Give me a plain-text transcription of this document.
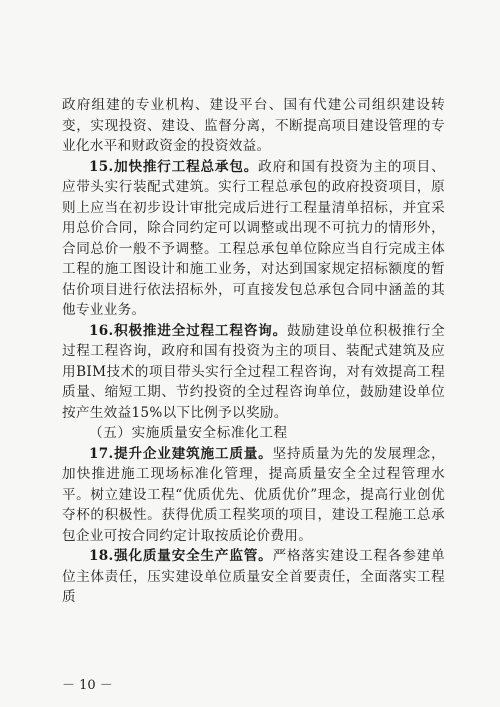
政府组建的专业机构、建设平台、国有代建公司组织建设转变，实现投资、建设、监督分离，不断提高项目建设管理的专业化水平和财政资金的投资效益。

15.加快推行工程总承包。政府和国有投资为主的项目、应带头实行装配式建筑。实行工程总承包的政府投资项目，原则上应当在初步设计审批完成后进行工程量清单招标，并宜采用总价合同，除合同约定可以调整或出现不可抗力的情形外，合同总价一般不予调整。工程总承包单位除应当自行完成主体工程的施工图设计和施工业务，对达到国家规定招标额度的暂估价项目进行依法招标外，可直接发包总承包合同中涵盖的其他专业业务。

16.积极推进全过程工程咨询。鼓励建设单位积极推行全过程工程咨询，政府和国有投资为主的项目、装配式建筑及应用BIM技术的项目带头实行全过程工程咨询，对有效提高工程质量、缩短工期、节约投资的全过程咨询单位，鼓励建设单位按产生效益15%以下比例予以奖励。

（五）实施质量安全标准化工程

17.提升企业建筑施工质量。坚持质量为先的发展理念，加快推进施工现场标准化管理，提高质量安全全过程管理水平。树立建设工程“优质优先、优质优价”理念，提高行业创优夺杯的积极性。获得优质工程奖项的项目，建设工程施工总承包企业可按合同约定计取按质论价费用。

18.强化质量安全生产监管。严格落实建设工程各参建单位主体责任，压实建设单位质量安全首要责任，全面落实工程质

－ 10 －
